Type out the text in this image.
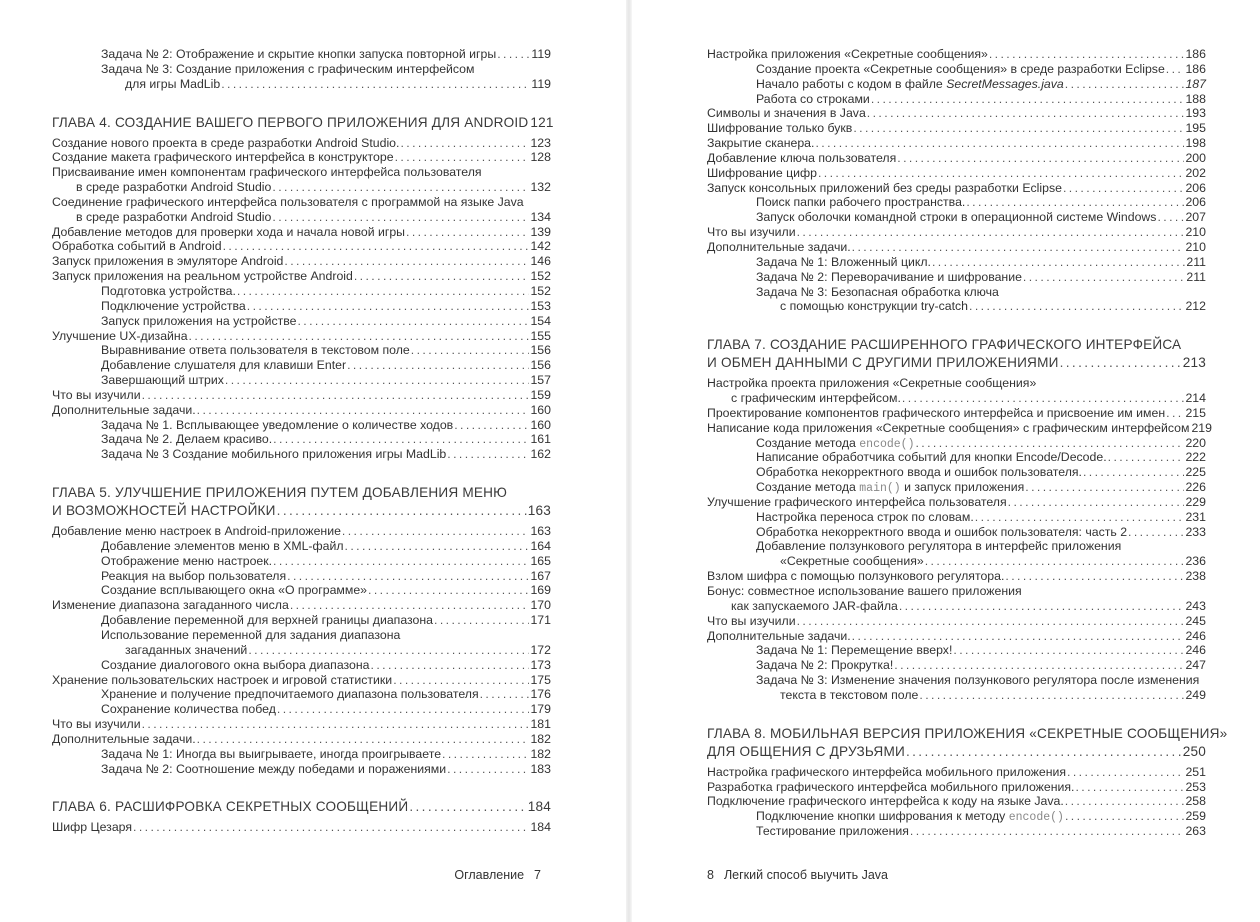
Задача № 2: Отображение и скрытие кнопки запуска повторной игры .....	119
Задача № 3: Создание приложения с графическим интерфейсом
для игры MadLib .....	119
ГЛАВА 4. СОЗДАНИЕ ВАШЕГО ПЕРВОГО ПРИЛОЖЕНИЯ ДЛЯ ANDROID 121
Создание нового проекта в среде разработки Android Studio. .....	123
Создание макета графического интерфейса в конструкторе .....	128
Присваивание имен компонентам графического интерфейса пользователя
в среде разработки Android Studio .....	132
Соединение графического интерфейса пользователя с программой на языке Java
в среде разработки Android Studio .....	134
Добавление методов для проверки хода и начала новой игры .....	139
Обработка событий в Android .....	142
Запуск приложения в эмуляторе Android .....	146
Запуск приложения на реальном устройстве Android .....	152
Подготовка устройства. .....	152
Подключение устройства .....	153
Запуск приложения на устройстве .....	154
Улучшение UX-дизайна .....	155
Выравнивание ответа пользователя в текстовом поле .....	156
Добавление слушателя для клавиши Enter .....	156
Завершающий штрих .....	157
Что вы изучили .....	159
Дополнительные задачи. .....	160
Задача № 1. Всплывающее уведомление о количестве ходов .....	160
Задача № 2. Делаем красиво. .....	161
Задача № 3 Создание мобильного приложения игры MadLib .....	162
ГЛАВА 5. УЛУЧШЕНИЕ ПРИЛОЖЕНИЯ ПУТЕМ ДОБАВЛЕНИЯ МЕНЮ
И ВОЗМОЖНОСТЕЙ НАСТРОЙКИ .....	163
Добавление меню настроек в Android-приложение .....	163
Добавление элементов меню в XML-файл .....	164
Отображение меню настроек. .....	165
Реакция на выбор пользователя .....	167
Создание всплывающего окна «О программе» .....	169
Изменение диапазона загаданного числа .....	170
Добавление переменной для верхней границы диапазона .....	171
Использование переменной для задания диапазона
загаданных значений .....	172
Создание диалогового окна выбора диапазона .....	173
Хранение пользовательских настроек и игровой статистики .....	175
Хранение и получение предпочитаемого диапазона пользователя .....	176
Сохранение количества побед .....	179
Что вы изучили .....	181
Дополнительные задачи. .....	182
Задача № 1: Иногда вы выигрываете, иногда проигрываете .....	182
Задача № 2: Соотношение между победами и поражениями .....	183
ГЛАВА 6. РАСШИФРОВКА СЕКРЕТНЫХ СООБЩЕНИЙ .....	184
Шифр Цезаря .....	184
Настройка приложения «Секретные сообщения» .....	186
Создание проекта «Секретные сообщения» в среде разработки Eclipse ..... 186
Начало работы с кодом в файле SecretMessages.java .....	187
Работа со строками .....	188
Символы и значения в Java .....	193
Шифрование только букв .....	195
Закрытие сканера. .....	198
Добавление ключа пользователя .....	200
Шифрование цифр .....	202
Запуск консольных приложений без среды разработки Eclipse .....	206
Поиск папки рабочего пространства. .....	206
Запуск оболочки командной строки в операционной системе Windows ..... 207
Что вы изучили .....	210
Дополнительные задачи. .....	210
Задача № 1: Вложенный цикл. .....	211
Задача № 2: Переворачивание и шифрование .....	211
Задача № 3: Безопасная обработка ключа
с помощью конструкции try-catch .....	212
ГЛАВА 7. СОЗДАНИЕ РАСШИРЕННОГО ГРАФИЧЕСКОГО ИНТЕРФЕЙСА
И ОБМЕН ДАННЫМИ С ДРУГИМИ ПРИЛОЖЕНИЯМИ .....	213
Настройка проекта приложения «Секретные сообщения»
с графическим интерфейсом. .....	214
Проектирование компонентов графического интерфейса и присвоение им имен ..... 215
Написание кода приложения «Секретные сообщения» с графическим интерфейсом 219
Создание метода encode() .....	220
Написание обработчика событий для кнопки Encode/Decode. .....	222
Обработка некорректного ввода и ошибок пользователя. .....	225
Создание метода main() и запуск приложения .....	226
Улучшение графического интерфейса пользователя .....	229
Настройка переноса строк по словам. .....	231
Обработка некорректного ввода и ошибок пользователя: часть 2 .....	233
Добавление ползункового регулятора в интерфейс приложения
«Секретные сообщения» .....	236
Взлом шифра с помощью ползункового регулятора. .....	238
Бонус: совместное использование вашего приложения
как запускаемого JAR-файла .....	243
Что вы изучили .....	245
Дополнительные задачи. .....	246
Задача № 1: Перемещение вверх! .....	246
Задача № 2: Прокрутка! .....	247
Задача № 3: Изменение значения ползункового регулятора после изменения
текста в текстовом поле .....	249
ГЛАВА 8. МОБИЛЬНАЯ ВЕРСИЯ ПРИЛОЖЕНИЯ «СЕКРЕТНЫЕ СООБЩЕНИЯ»
ДЛЯ ОБЩЕНИЯ С ДРУЗЬЯМИ .....	250
Настройка графического интерфейса мобильного приложения .....	251
Разработка графического интерфейса мобильного приложения. .....	253
Подключение графического интерфейса к коду на языке Java. .....	258
Подключение кнопки шифрования к методу encode() .....	259
Тестирование приложения .....	263
Оглавление 7	8 Легкий способ выучить Java
